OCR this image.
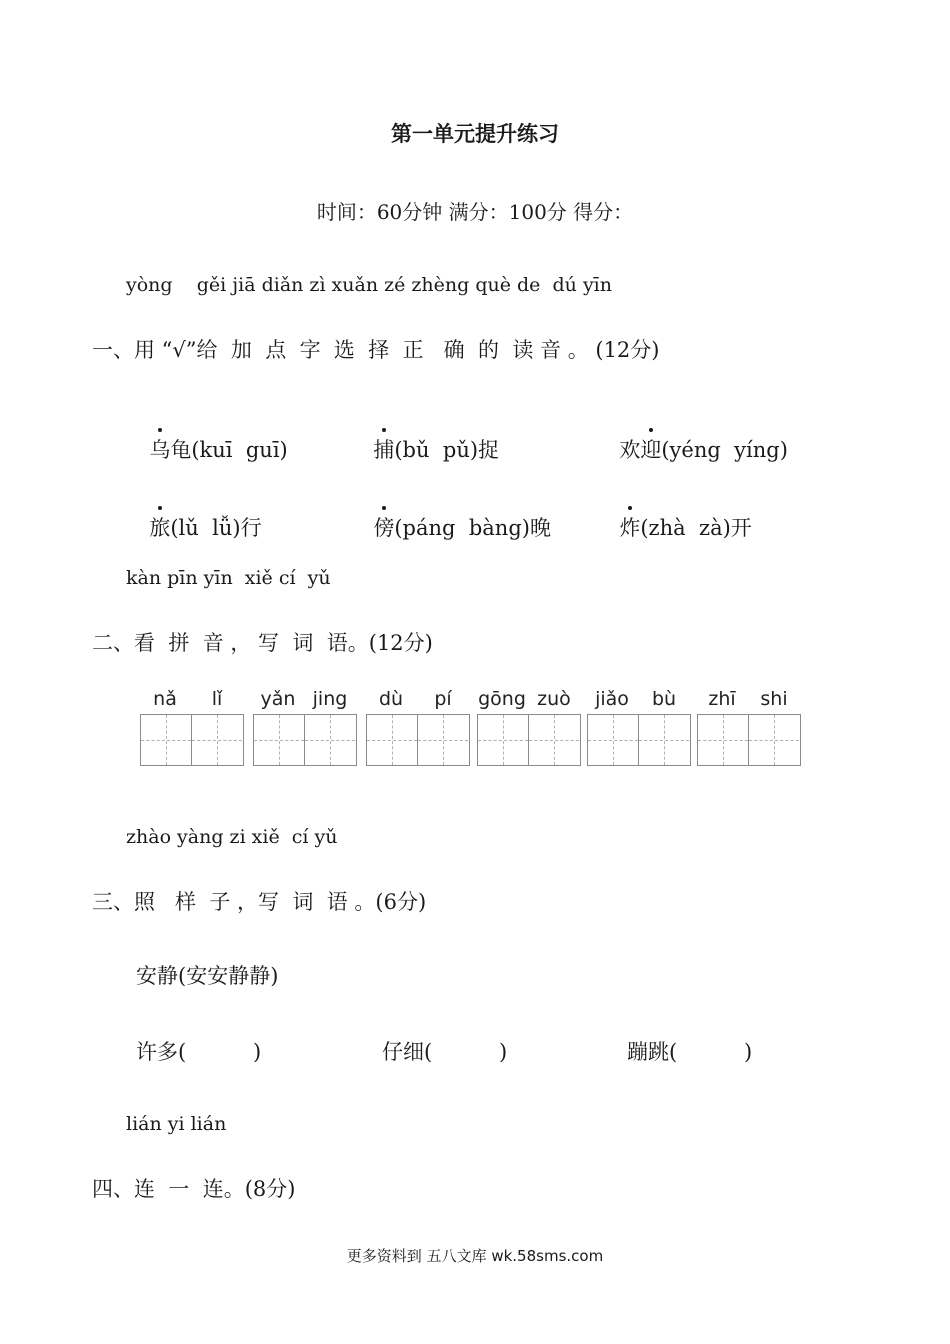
第一单元提升练习
时间：60分钟 满分：100分 得分：
yòng    gěi jiā diǎn zì xuǎn zé zhèng què de  dú yīn
一、用 “√”给  加  点  字  选  择  正   确  的  读 音 。 (12分)

乌龟(kuī  guī)	捕(bǔ  pǔ)捉	欢迎(yéng  yíng)

旅(lǔ  lǚ)行	傍(páng  bàng)晚	炸(zhà  zà)开

kàn pīn yīn  xiě cí  yǔ
二、看  拼  音 ， 写  词  语。(12分)
nǎ	lǐ	yǎn jing	dù	pí	gōng zuò	jiǎo	bù	zhī	shi
zhào yàng zi xiě  cí yǔ
三、照   样  子 ，写  词  语 。(6分)
安静(安安静静)
许多(          )	仔细(          )	蹦跳(          )
lián yi lián
四、连  一  连。(8分)
更多资料到 五八文库 wk.58sms.com
